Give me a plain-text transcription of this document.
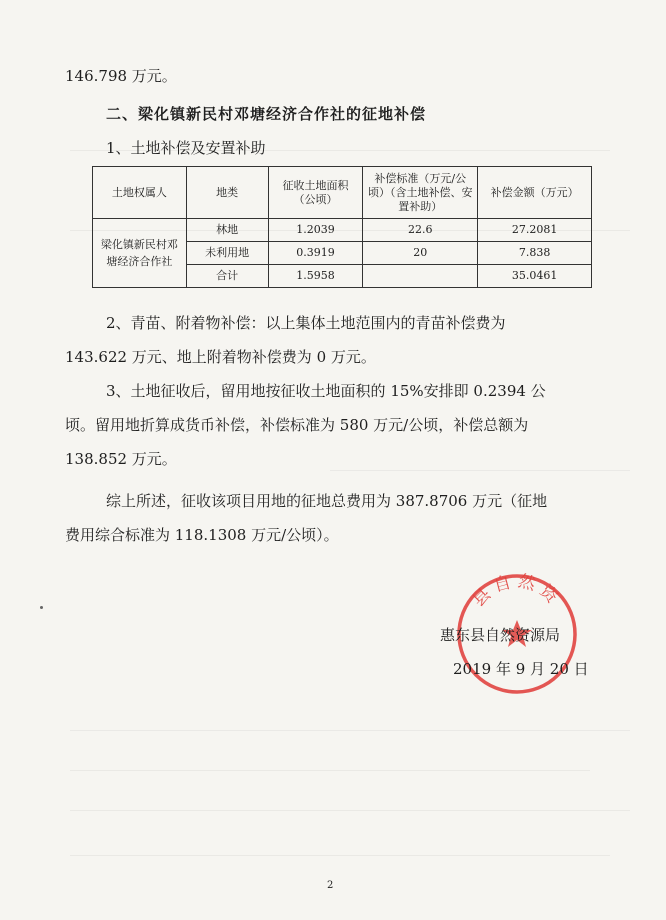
146.798 万元。
二、梁化镇新民村邓塘经济合作社的征地补偿
1、土地补偿及安置补助
土地权属人	地类	征收土地面积（公顷）	补偿标准（万元/公顷）（含土地补偿、安置补助）	补偿金额（万元）
梁化镇新民村邓塘经济合作社	林地	1.2039	22.6	27.2081
	未利用地	0.3919	20	7.838
	合计	1.5958		35.0461
2、青苗、附着物补偿：以上集体土地范围内的青苗补偿费为
143.622 万元、地上附着物补偿费为 0 万元。
3、土地征收后，留用地按征收土地面积的 15%安排即 0.2394 公
顷。留用地折算成货币补偿，补偿标准为 580 万元/公顷，补偿总额为
138.852 万元。
综上所述，征收该项目用地的征地总费用为 387.8706 万元（征地
费用综合标准为 118.1308 万元/公顷）。
县自然资
惠东县自然资源局
2019 年 9 月 20 日
2
